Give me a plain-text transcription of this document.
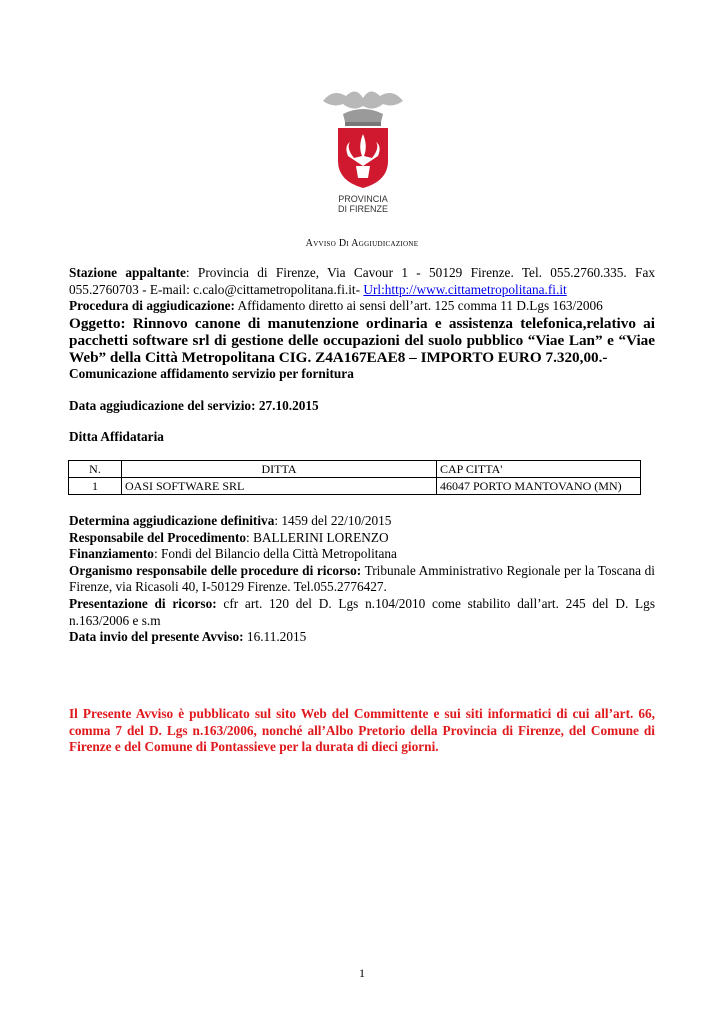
PROVINCIA
DI FIRENZE
Avviso Di Aggiudicazione
Stazione appaltante: Provincia di Firenze, Via Cavour 1 - 50129 Firenze. Tel. 055.2760.335. Fax 055.2760703 - E-mail: c.calo@cittametropolitana.fi.it- Url:http://www.cittametropolitana.fi.it
Procedura di aggiudicazione: Affidamento diretto ai sensi dell’art. 125 comma 11 D.Lgs 163/2006
Oggetto: Rinnovo canone di manutenzione ordinaria e assistenza telefonica,relativo ai pacchetti software srl di gestione delle occupazioni del suolo pubblico “Viae Lan” e “Viae Web” della Città Metropolitana CIG. Z4A167EAE8 – IMPORTO EURO 7.320,00.-
Comunicazione affidamento servizio per fornitura
Data aggiudicazione del servizio: 27.10.2015
Ditta Affidataria
N.	DITTA	CAP CITTA'
1	OASI SOFTWARE SRL	46047 PORTO MANTOVANO (MN)
Determina aggiudicazione definitiva: 1459 del 22/10/2015
Responsabile del Procedimento: BALLERINI LORENZO
Finanziamento: Fondi del Bilancio della Città Metropolitana
Organismo responsabile delle procedure di ricorso: Tribunale Amministrativo Regionale per la Toscana di Firenze, via Ricasoli 40, I-50129 Firenze. Tel.055.2776427.
Presentazione di ricorso: cfr art. 120 del D. Lgs n.104/2010 come stabilito dall’art. 245 del D. Lgs n.163/2006 e s.m
Data invio del presente Avviso: 16.11.2015
Il Presente Avviso è pubblicato sul sito Web del Committente e sui siti informatici di cui all’art. 66, comma 7 del D. Lgs n.163/2006, nonché all’Albo Pretorio della Provincia di Firenze, del Comune di Firenze e del Comune di Pontassieve per la durata di dieci giorni.
1
